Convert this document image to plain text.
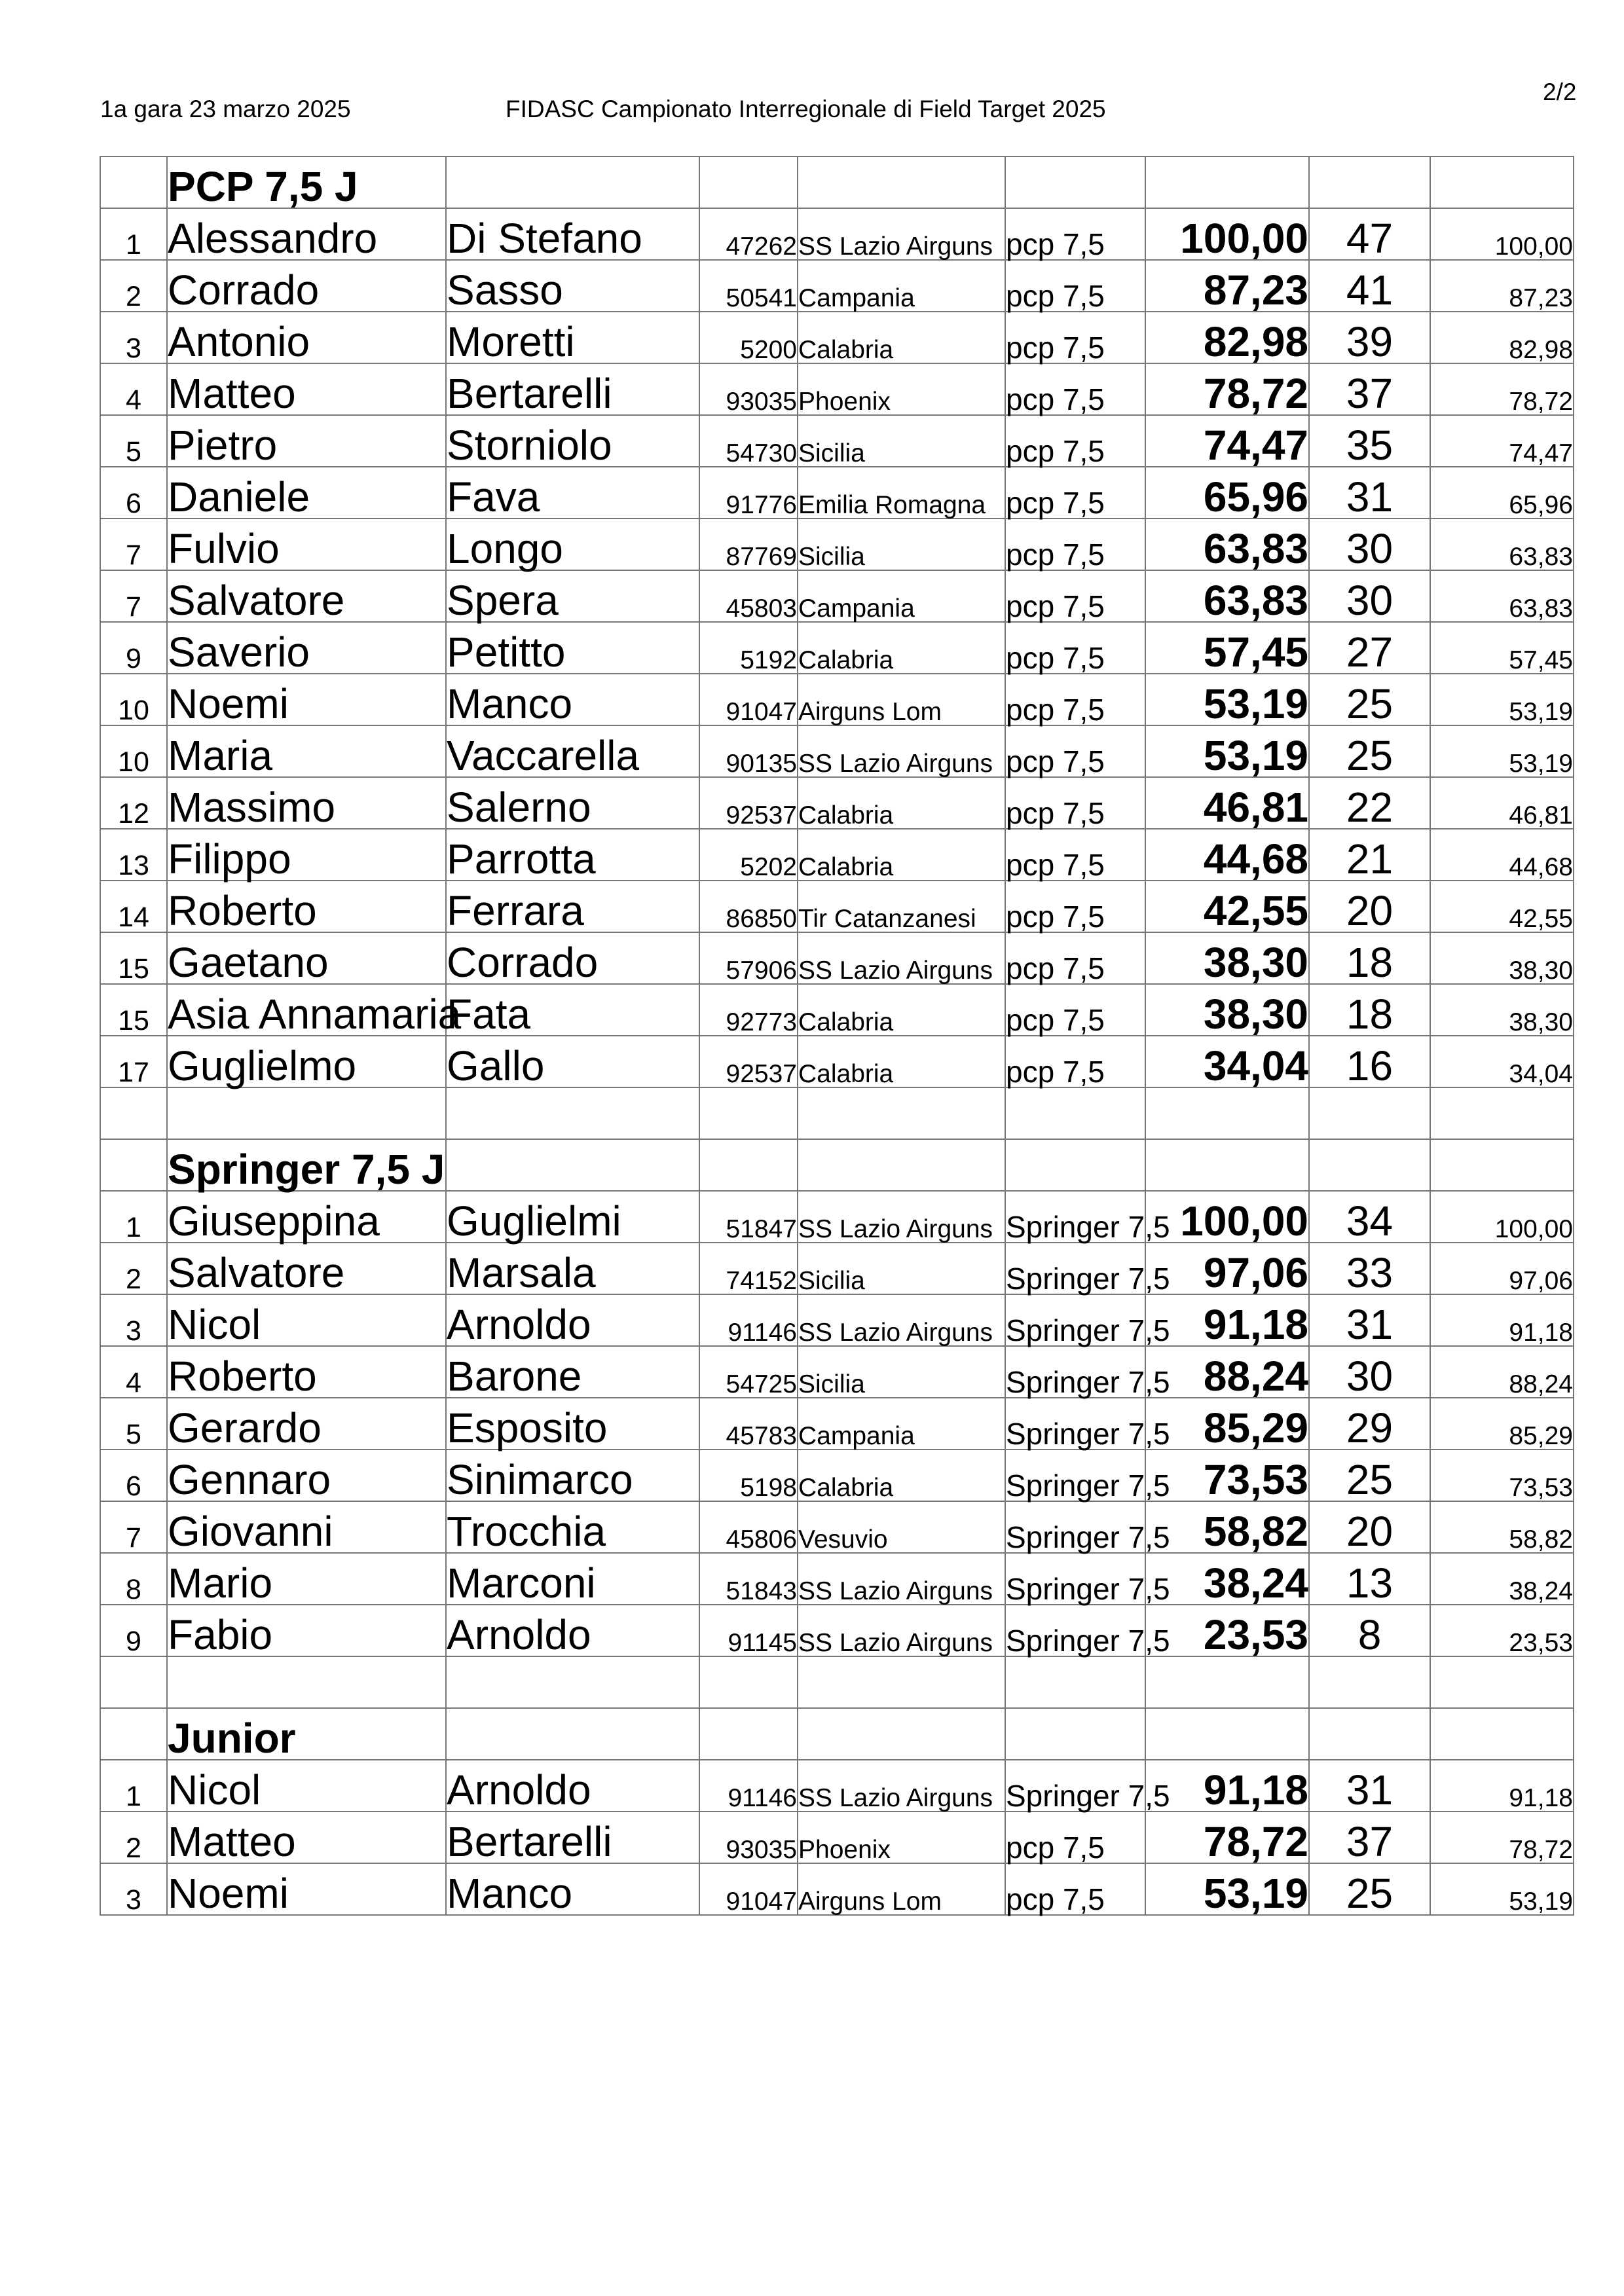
1a gara 23 marzo 2025	FIDASC Campionato Interregionale di Field Target 2025
2/2
	PCP 7,5 J							
1	Alessandro	Di Stefano	47262	SS Lazio Airguns	pcp 7,5	100,00	47	100,00
2	Corrado	Sasso	50541	Campania	pcp 7,5	87,23	41	87,23
3	Antonio	Moretti	5200	Calabria	pcp 7,5	82,98	39	82,98
4	Matteo	Bertarelli	93035	Phoenix	pcp 7,5	78,72	37	78,72
5	Pietro	Storniolo	54730	Sicilia	pcp 7,5	74,47	35	74,47
6	Daniele	Fava	91776	Emilia Romagna	pcp 7,5	65,96	31	65,96
7	Fulvio	Longo	87769	Sicilia	pcp 7,5	63,83	30	63,83
7	Salvatore	Spera	45803	Campania	pcp 7,5	63,83	30	63,83
9	Saverio	Petitto	5192	Calabria	pcp 7,5	57,45	27	57,45
10	Noemi	Manco	91047	Airguns Lom	pcp 7,5	53,19	25	53,19
10	Maria	Vaccarella	90135	SS Lazio Airguns	pcp 7,5	53,19	25	53,19
12	Massimo	Salerno	92537	Calabria	pcp 7,5	46,81	22	46,81
13	Filippo	Parrotta	5202	Calabria	pcp 7,5	44,68	21	44,68
14	Roberto	Ferrara	86850	Tir Catanzanesi	pcp 7,5	42,55	20	42,55
15	Gaetano	Corrado	57906	SS Lazio Airguns	pcp 7,5	38,30	18	38,30
15	Asia Annamaria	Fata	92773	Calabria	pcp 7,5	38,30	18	38,30
17	Guglielmo	Gallo	92537	Calabria	pcp 7,5	34,04	16	34,04

	Springer 7,5 J							
1	Giuseppina	Guglielmi	51847	SS Lazio Airguns	Springer 7,5	100,00	34	100,00
2	Salvatore	Marsala	74152	Sicilia	Springer 7,5	97,06	33	97,06
3	Nicol	Arnoldo	91146	SS Lazio Airguns	Springer 7,5	91,18	31	91,18
4	Roberto	Barone	54725	Sicilia	Springer 7,5	88,24	30	88,24
5	Gerardo	Esposito	45783	Campania	Springer 7,5	85,29	29	85,29
6	Gennaro	Sinimarco	5198	Calabria	Springer 7,5	73,53	25	73,53
7	Giovanni	Trocchia	45806	Vesuvio	Springer 7,5	58,82	20	58,82
8	Mario	Marconi	51843	SS Lazio Airguns	Springer 7,5	38,24	13	38,24
9	Fabio	Arnoldo	91145	SS Lazio Airguns	Springer 7,5	23,53	8	23,53

	Junior							
1	Nicol	Arnoldo	91146	SS Lazio Airguns	Springer 7,5	91,18	31	91,18
2	Matteo	Bertarelli	93035	Phoenix	pcp 7,5	78,72	37	78,72
3	Noemi	Manco	91047	Airguns Lom	pcp 7,5	53,19	25	53,19
